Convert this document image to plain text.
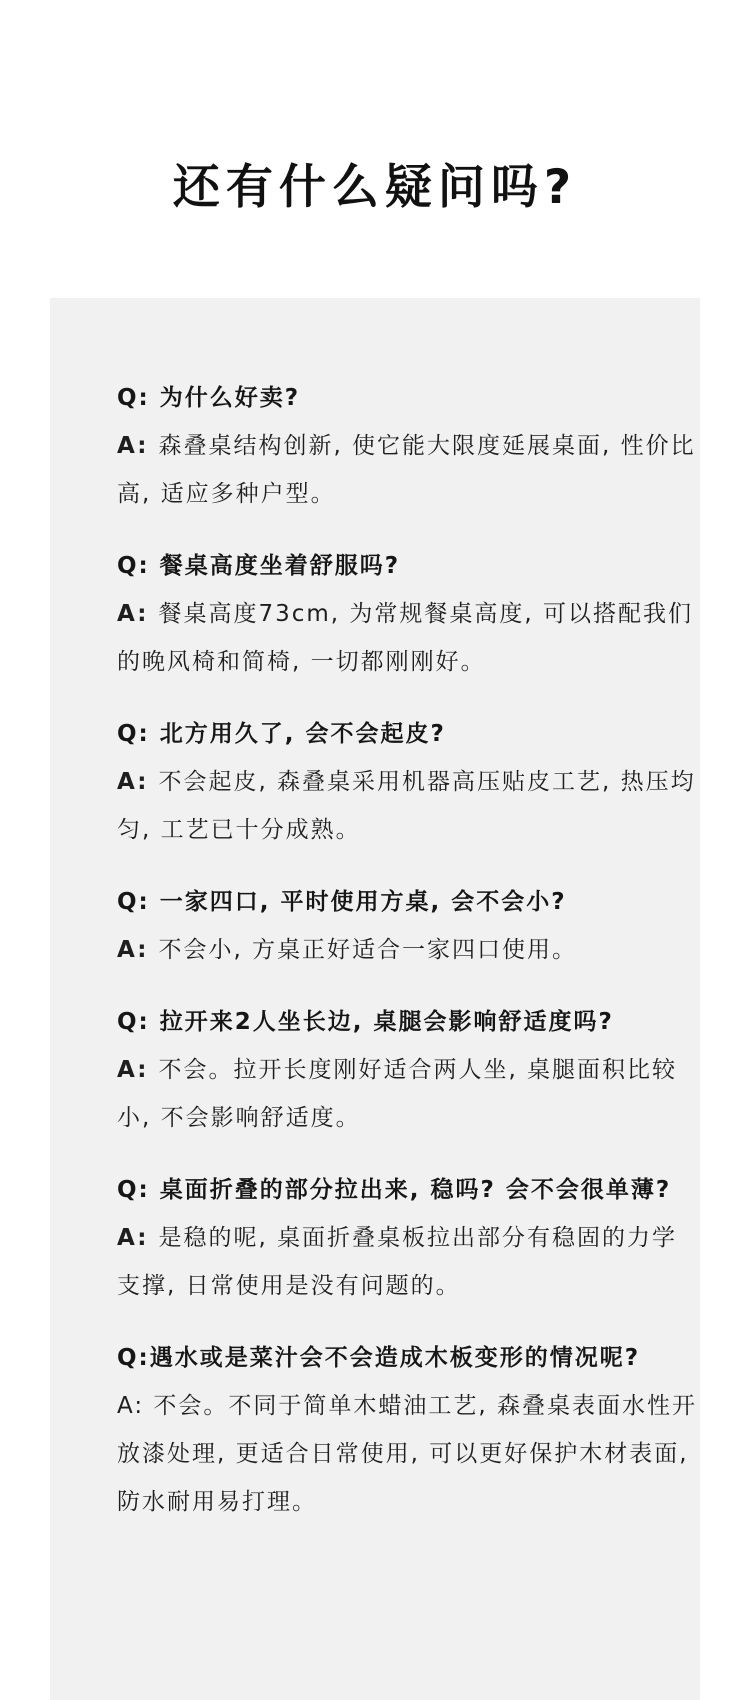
还有什么疑问吗?

Q: 为什么好卖?

A: 森叠桌结构创新, 使它能大限度延展桌面, 性价比高, 适应多种户型。

Q: 餐桌高度坐着舒服吗?

A: 餐桌高度73cm, 为常规餐桌高度, 可以搭配我们的晚风椅和简椅, 一切都刚刚好。

Q: 北方用久了, 会不会起皮?

A: 不会起皮, 森叠桌采用机器高压贴皮工艺, 热压均匀, 工艺已十分成熟。

Q: 一家四口, 平时使用方桌, 会不会小?

A: 不会小, 方桌正好适合一家四口使用。

Q: 拉开来2人坐长边, 桌腿会影响舒适度吗?

A: 不会。拉开长度刚好适合两人坐, 桌腿面积比较小, 不会影响舒适度。

Q: 桌面折叠的部分拉出来, 稳吗? 会不会很单薄?

A: 是稳的呢, 桌面折叠桌板拉出部分有稳固的力学支撑, 日常使用是没有问题的。

Q:遇水或是菜汁会不会造成木板变形的情况呢?

A: 不会。不同于简单木蜡油工艺, 森叠桌表面水性开放漆处理, 更适合日常使用, 可以更好保护木材表面, 防水耐用易打理。
